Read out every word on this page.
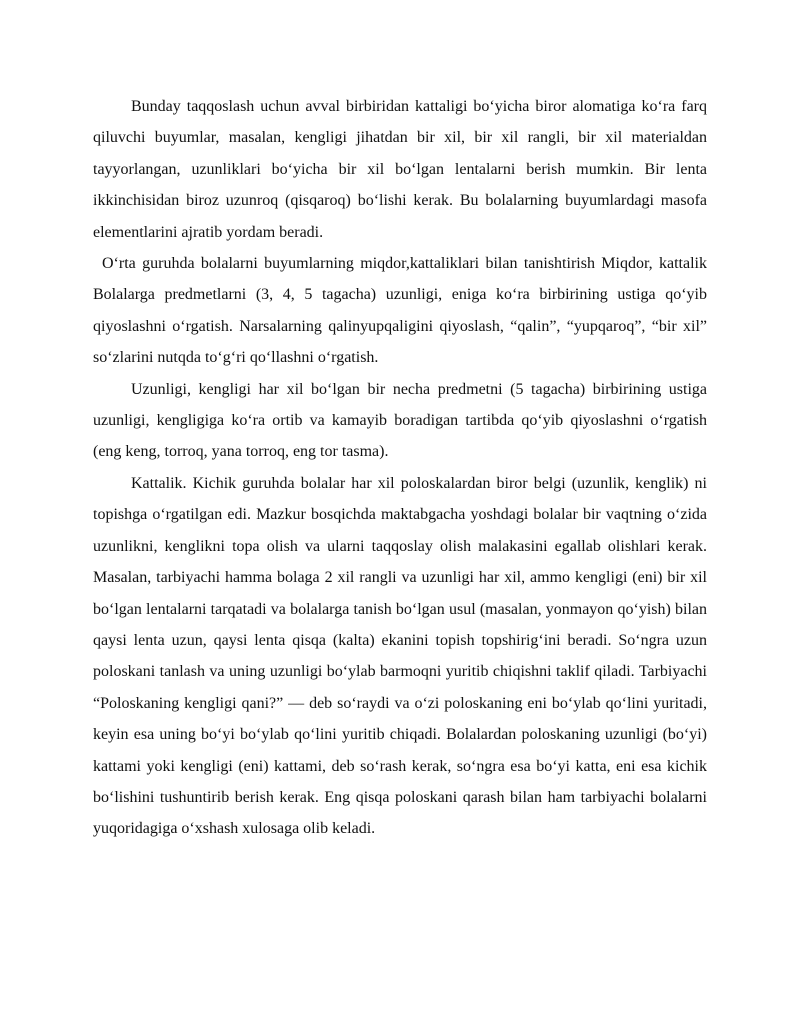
Bunday taqqoslash uchun avval birbiridan kattaligi bo‘yicha biror alomatiga ko‘ra farq qiluvchi buyumlar, masalan, kengligi jihatdan bir xil, bir xil rangli, bir xil materialdan tayyorlangan, uzunliklari bo‘yicha bir xil bo‘lgan lentalarni berish mumkin. Bir lenta ikkinchisidan biroz uzunroq (qisqaroq) bo‘lishi kerak. Bu bolalarning buyumlardagi masofa elementlarini ajratib yordam beradi.

O‘rta guruhda bolalarni buyumlarning miqdor,kattaliklari bilan tanishtirish Miqdor, kattalik Bolalarga predmetlarni (3, 4, 5 tagacha) uzunligi, eniga ko‘ra birbirining ustiga qo‘yib qiyoslashni o‘rgatish. Narsalarning qalinyupqaligini qiyoslash, “qalin”, “yupqaroq”, “bir xil” so‘zlarini nutqda to‘g‘ri qo‘llashni o‘rgatish.

Uzunligi, kengligi har xil bo‘lgan bir necha predmetni (5 tagacha) birbirining ustiga uzunligi, kengligiga ko‘ra ortib va kamayib boradigan tartibda qo‘yib qiyoslashni o‘rgatish (eng keng, torroq, yana torroq, eng tor tasma).

Kattalik. Kichik guruhda bolalar har xil poloskalardan biror belgi (uzunlik, kenglik) ni topishga o‘rgatilgan edi. Mazkur bosqichda maktabgacha yoshdagi bolalar bir vaqtning o‘zida uzunlikni, kenglikni topa olish va ularni taqqoslay olish malakasini egallab olishlari kerak. Masalan, tarbiyachi hamma bolaga 2 xil rangli va uzunligi har xil, ammo kengligi (eni) bir xil bo‘lgan lentalarni tarqatadi va bolalarga tanish bo‘lgan usul (masalan, yonmayon qo‘yish) bilan qaysi lenta uzun, qaysi lenta qisqa (kalta) ekanini topish topshirig‘ini beradi. So‘ngra uzun poloskani tanlash va uning uzunligi bo‘ylab barmoqni yuritib chiqishni taklif qiladi. Tarbiyachi “Poloskaning kengligi qani?” — deb so‘raydi va o‘zi poloskaning eni bo‘ylab qo‘lini yuritadi, keyin esa uning bo‘yi bo‘ylab qo‘lini yuritib chiqadi. Bolalardan poloskaning uzunligi (bo‘yi) kattami yoki kengligi (eni) kattami, deb so‘rash kerak, so‘ngra esa bo‘yi katta, eni esa kichik bo‘lishini tushuntirib berish kerak. Eng qisqa poloskani qarash bilan ham tarbiyachi bolalarni yuqoridagiga o‘xshash xulosaga olib keladi.
